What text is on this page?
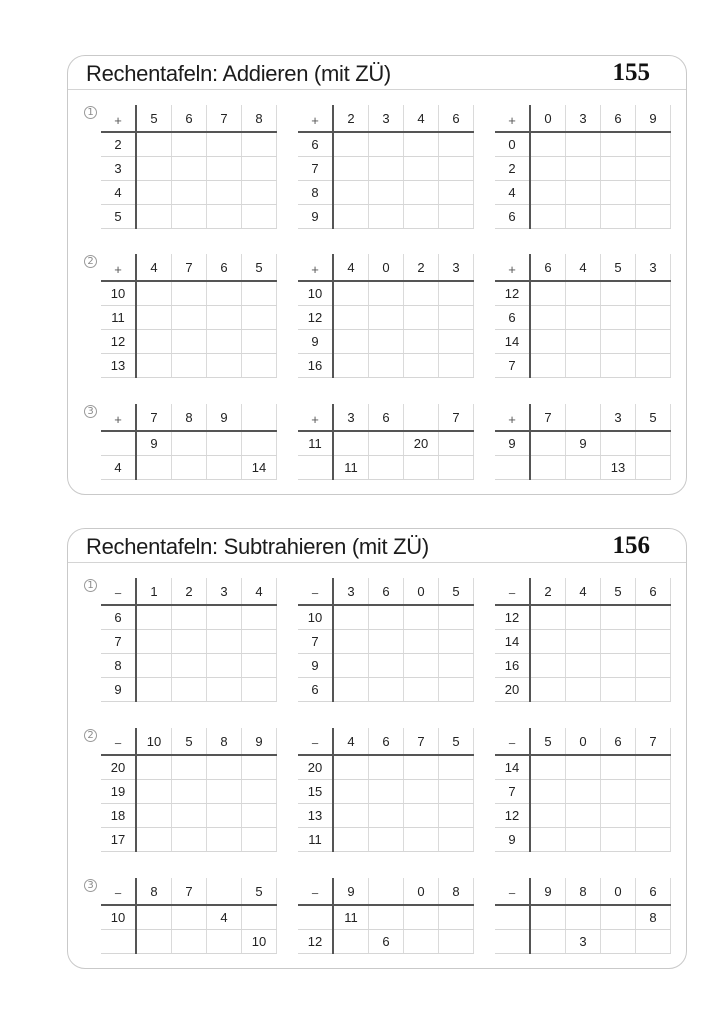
Rechentafeln: Addieren (mit ZÜ)	155
1 +	5	6	7	8
2				
3				
4				
5				
+	2	3	4	6
6				
7				
8				
9				
+	0	3	6	9
0				
2				
4				
6				
2 +	4	7	6	5
10				
11				
12				
13				
+	4	0	2	3
10				
12				
9				
16				
+	6	4	5	3
12				
6				
14				
7				
3 +	7	8	9	
	9			
4				14
+	3	6		7
11			20	
	11			
+	7		3	5
9		9		
			13	
Rechentafeln: Subtrahieren (mit ZÜ)	156
1 −	1	2	3	4
6				
7				
8				
9				
−	3	6	0	5
10				
7				
9				
6				
−	2	4	5	6
12				
14				
16				
20				
2 −	10	5	8	9
20				
19				
18				
17				
−	4	6	7	5
20				
15				
13				
11				
−	5	0	6	7
14				
7				
12				
9				
3 −	8	7		5
10			4	
				10
−	9		0	8
	11			
12		6		
−	9	8	0	6
				8
		3		
